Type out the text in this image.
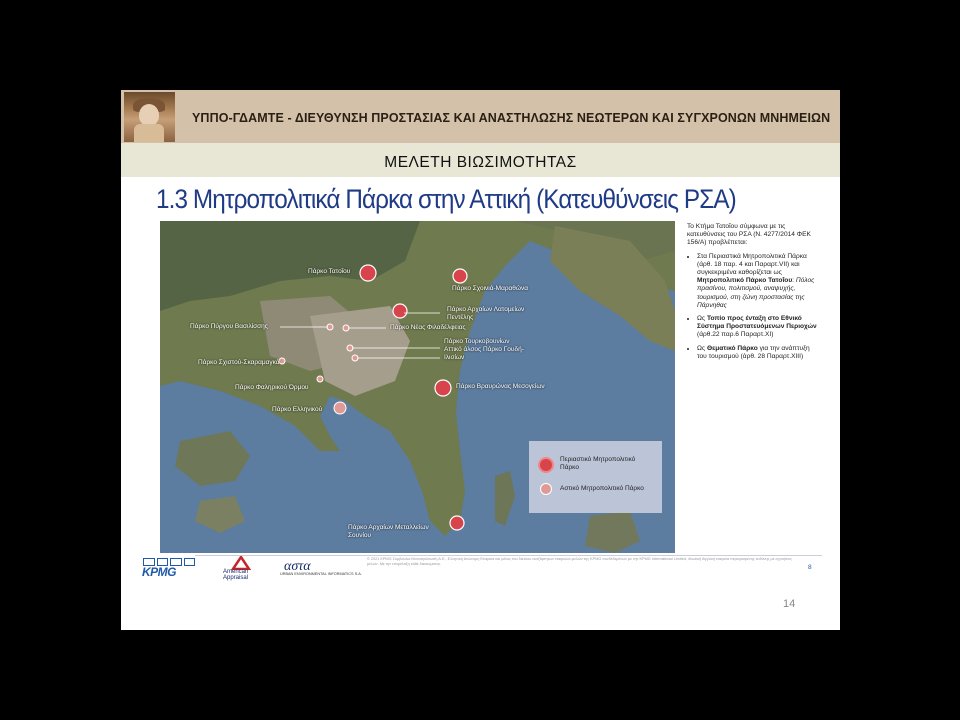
ΥΠΠΟ-ΓΔΑΜΤΕ - ΔΙΕΥΘΥΝΣΗ ΠΡΟΣΤΑΣΙΑΣ ΚΑΙ ΑΝΑΣΤΗΛΩΣΗΣ ΝΕΩΤΕΡΩΝ ΚΑΙ ΣΥΓΧΡΟΝΩΝ ΜΝΗΜΕΙΩΝ
ΜΕΛΕΤΗ ΒΙΩΣΙΜΟΤΗΤΑΣ
14
1.3 Μητροπολιτικά Πάρκα στην Αττική (Κατευθύνσεις ΡΣΑ)
Πάρκο Τατοΐου
Πάρκο Σχοινιά-Μαραθώνα
Πάρκο Αρχαίων Λατομείων Πεντέλης
Πάρκο Νέας Φιλαδέλφειας
Πάρκο Πύργου Βασιλίσσης
Πάρκο Τουρκοβουνίων Αττικό άλσος Πάρκο Γουδή-Ιλισίων
Πάρκο Σχιστού-Σκαραμαγκά
Πάρκο Φαληρικού Όρμου	Πάρκο Βραυρώνας Μεσογείων
Πάρκο Ελληνικού
Πάρκο Αρχαίων Μεταλλείων Σουνίου
Περιαστικό Μητροπολιτικό Πάρκο
Αστικό Μητροπολιτικό Πάρκο
Το Κτήμα Τατοΐου σύμφωνα με τις κατευθύνσεις του ΡΣΑ (Ν. 4277/2014 ΦΕΚ 156/Α) προβλέπεται:
• Στα Περιαστικά Μητροπολιτικά Πάρκα (άρθ. 18 παρ. 4 και Παραρτ.VII) και συγκεκριμένα καθορίζεται ως Μητροπολιτικό Πάρκο Τατοΐου: Πόλος πρασίνου, πολιτισμού, αναψυχής, τουρισμού, στη ζώνη προστασίας της Πάρνηθας
• Ως Τοπίο προς ένταξη στο Εθνικό Σύστημα Προστατευόμενων Περιοχών (άρθ.22 παρ.6 Παραρτ.XI)
• Ως Θεματικό Πάρκο για την ανάπτυξη του τουρισμού (άρθ. 28 Παραρτ.XIII)
KPMG	American Appraisal
αστα
URBAN ENVIRONMENTAL INFORMATICS S.A.
© 2021 KPMG Σύμβουλοι Μονοπρόσωπη Α.Ε., Ελληνική Ανώνυμη Εταιρεία και μέλος του δικτύου ανεξάρτητων εταιρειών-μελών της KPMG συνδεδεμένων με την KPMG International Limited, ιδιωτική Αγγλική εταιρεία περιορισμένης ευθύνης με εγγυήσεις μελών. Με την επιφύλαξη κάθε δικαιώματος.	8
